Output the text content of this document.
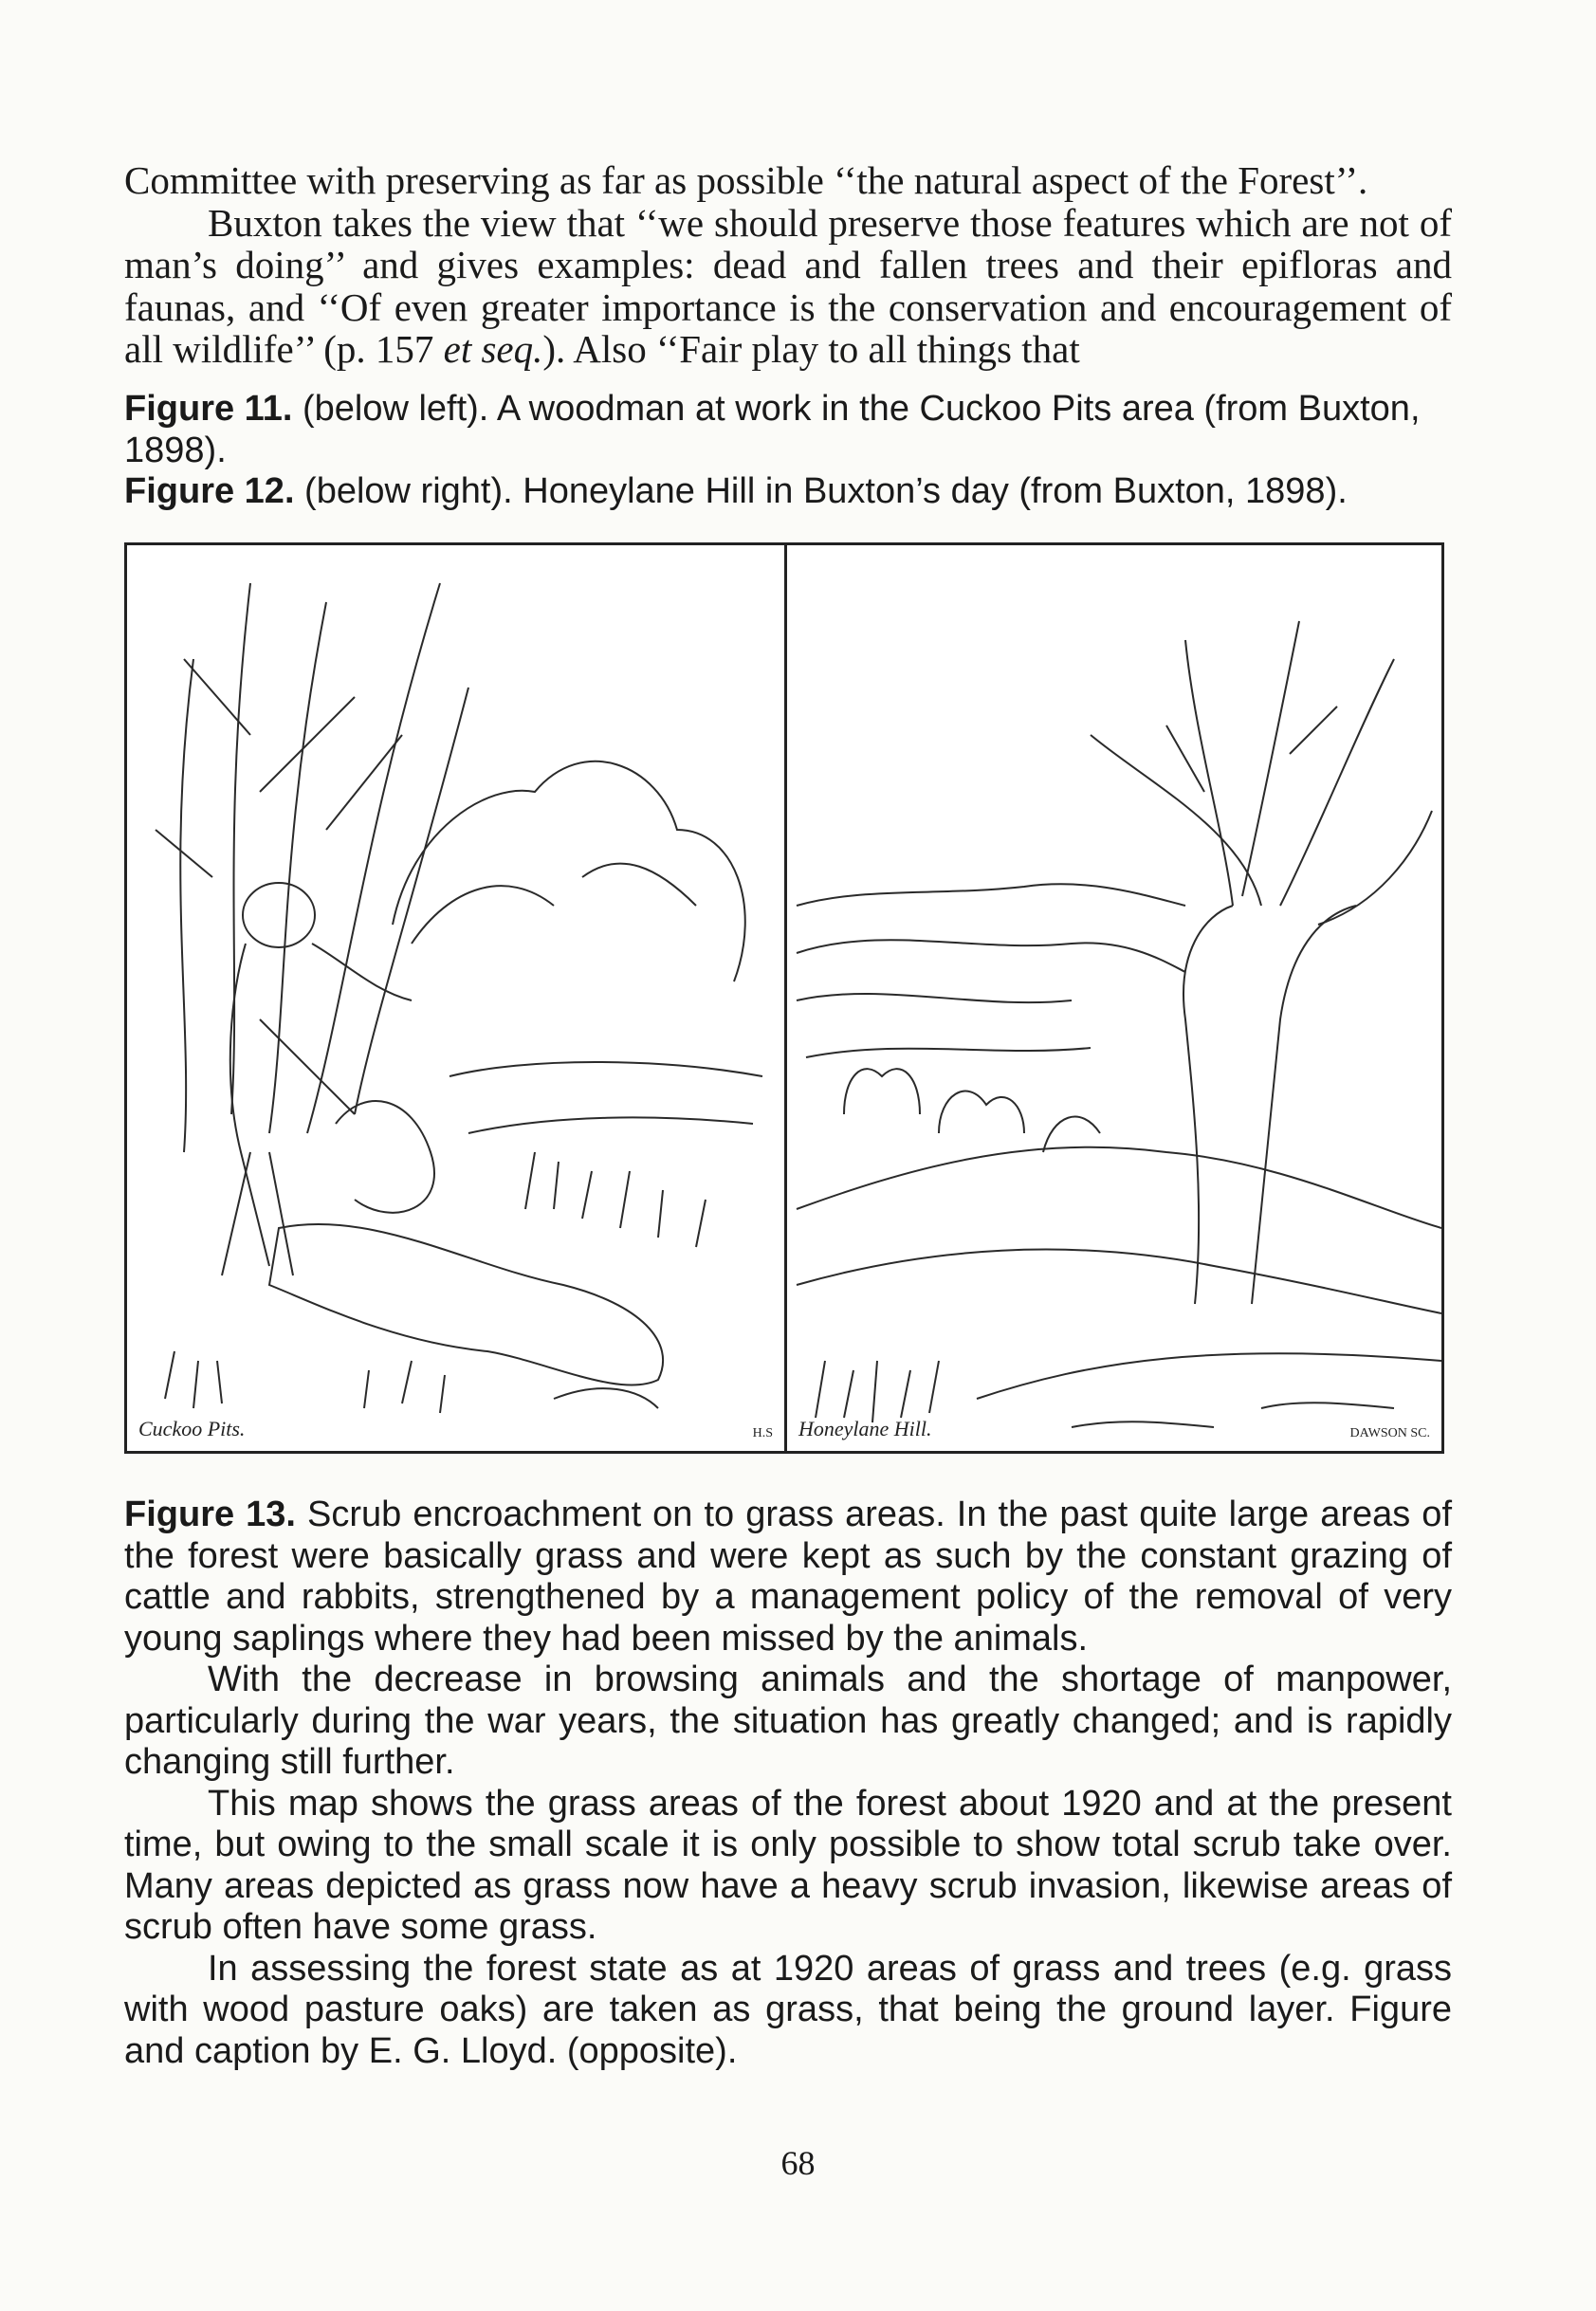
Committee with preserving as far as possible ‘‘the natural aspect of the Forest’’.

Buxton takes the view that ‘‘we should preserve those features which are not of man’s doing’’ and gives examples: dead and fallen trees and their epifloras and faunas, and ‘‘Of even greater importance is the conservation and encouragement of all wildlife’’ (p. 157 et seq.). Also ‘‘Fair play to all things that

Figure 11. (below left). A woodman at work in the Cuckoo Pits area (from Buxton, 1898).

Figure 12. (below right). Honeylane Hill in Buxton’s day (from Buxton, 1898).

Cuckoo Pits.	H.S Honeylane Hill.	DAWSON SC.

Figure 13. Scrub encroachment on to grass areas. In the past quite large areas of the forest were basically grass and were kept as such by the constant grazing of cattle and rabbits, strengthened by a management policy of the removal of very young saplings where they had been missed by the animals.

With the decrease in browsing animals and the shortage of manpower, particularly during the war years, the situation has greatly changed; and is rapidly changing still further.

This map shows the grass areas of the forest about 1920 and at the present time, but owing to the small scale it is only possible to show total scrub take over. Many areas depicted as grass now have a heavy scrub invasion, likewise areas of scrub often have some grass.

In assessing the forest state as at 1920 areas of grass and trees (e.g. grass with wood pasture oaks) are taken as grass, that being the ground layer. Figure and caption by E. G. Lloyd. (opposite).

68
